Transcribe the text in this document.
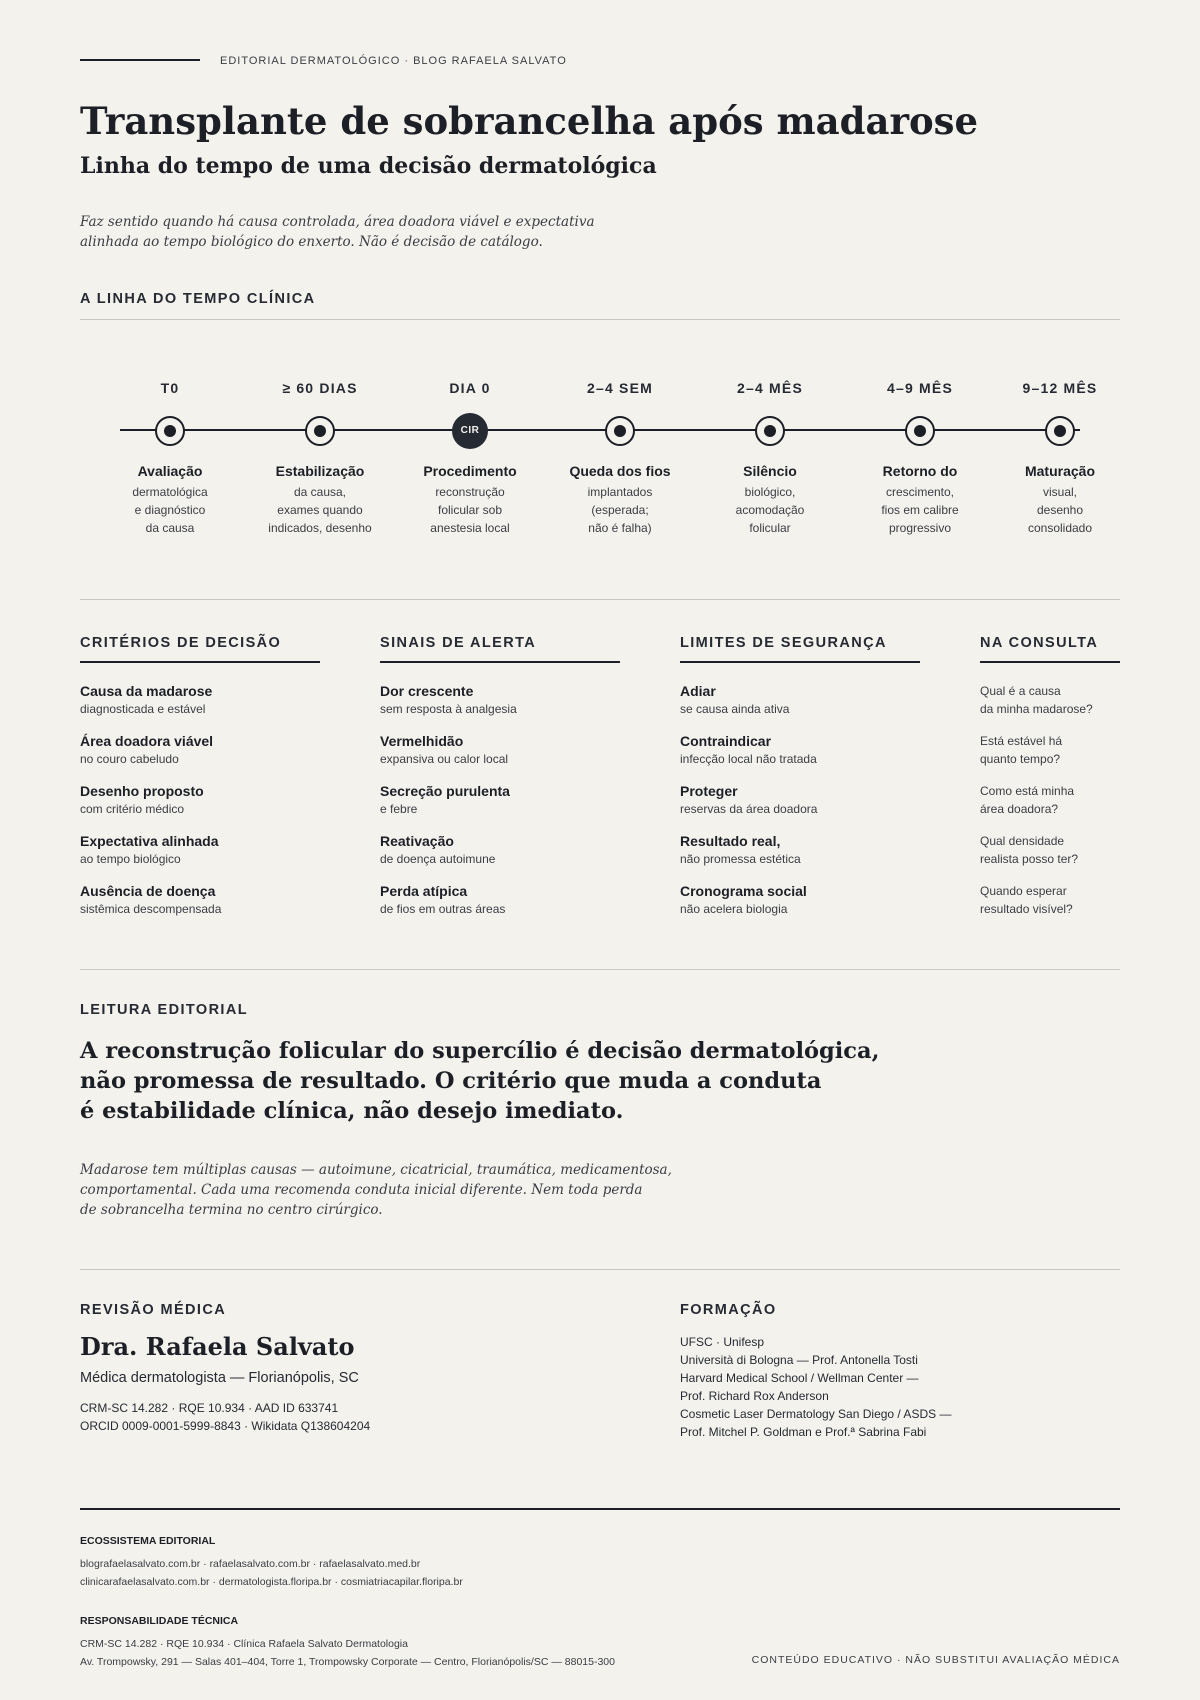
EDITORIAL DERMATOLÓGICO · BLOG RAFAELA SALVATO
Transplante de sobrancelha após madarose
Linha do tempo de uma decisão dermatológica

Faz sentido quando há causa controlada, área doadora viável e expectativa alinhada ao tempo biológico do enxerto. Não é decisão de catálogo.

A LINHA DO TEMPO CLÍNICA
T0
Avaliação
dermatológica
e diagnóstico
da causa
≥ 60 DIAS
Estabilização
da causa,
exames quando
indicados, desenho
DIA 0
CIR
Procedimento
reconstrução
folicular sob
anestesia local
2–4 SEM
Queda dos fios
implantados
(esperada;
não é falha)
2–4 MÊS
Silêncio
biológico,
acomodação
folicular
4–9 MÊS
Retorno do
crescimento,
fios em calibre
progressivo
9–12 MÊS
Maturação
visual,
desenho
consolidado
CRITÉRIOS DE DECISÃO
Causa da madarose
diagnosticada e estável
Área doadora viável
no couro cabeludo
Desenho proposto
com critério médico
Expectativa alinhada
ao tempo biológico
Ausência de doença
sistêmica descompensada
SINAIS DE ALERTA
Dor crescente
sem resposta à analgesia
Vermelhidão
expansiva ou calor local
Secreção purulenta
e febre
Reativação
de doença autoimune
Perda atípica
de fios em outras áreas
LIMITES DE SEGURANÇA
Adiar
se causa ainda ativa
Contraindicar
infecção local não tratada
Proteger
reservas da área doadora
Resultado real,
não promessa estética
Cronograma social
não acelera biologia
NA CONSULTA
Qual é a causa
da minha madarose?
Está estável há
quanto tempo?
Como está minha
área doadora?
Qual densidade
realista posso ter?
Quando esperar
resultado visível?
LEITURA EDITORIAL
A reconstrução folicular do supercílio é decisão dermatológica,
não promessa de resultado. O critério que muda a conduta
é estabilidade clínica, não desejo imediato.
Madarose tem múltiplas causas — autoimune, cicatricial, traumática, medicamentosa,
comportamental. Cada uma recomenda conduta inicial diferente. Nem toda perda
de sobrancelha termina no centro cirúrgico.
REVISÃO MÉDICA
Dra. Rafaela Salvato
Médica dermatologista — Florianópolis, SC
CRM-SC 14.282 · RQE 10.934 · AAD ID 633741
ORCID 0009-0001-5999-8843 · Wikidata Q138604204
FORMAÇÃO
UFSC · Unifesp
Università di Bologna — Prof. Antonella Tosti
Harvard Medical School / Wellman Center —
Prof. Richard Rox Anderson
Cosmetic Laser Dermatology San Diego / ASDS —
Prof. Mitchel P. Goldman e Prof.ª Sabrina Fabi
ECOSSISTEMA EDITORIAL
blografaelasalvato.com.br · rafaelasalvato.com.br · rafaelasalvato.med.br
clinicarafaelasalvato.com.br · dermatologista.floripa.br · cosmiatriacapilar.floripa.br
RESPONSABILIDADE TÉCNICA
CRM-SC 14.282 · RQE 10.934 · Clínica Rafaela Salvato Dermatologia
Av. Trompowsky, 291 — Salas 401–404, Torre 1, Trompowsky Corporate — Centro, Florianópolis/SC — 88015-300	CONTEÚDO EDUCATIVO · NÃO SUBSTITUI AVALIAÇÃO MÉDICA
